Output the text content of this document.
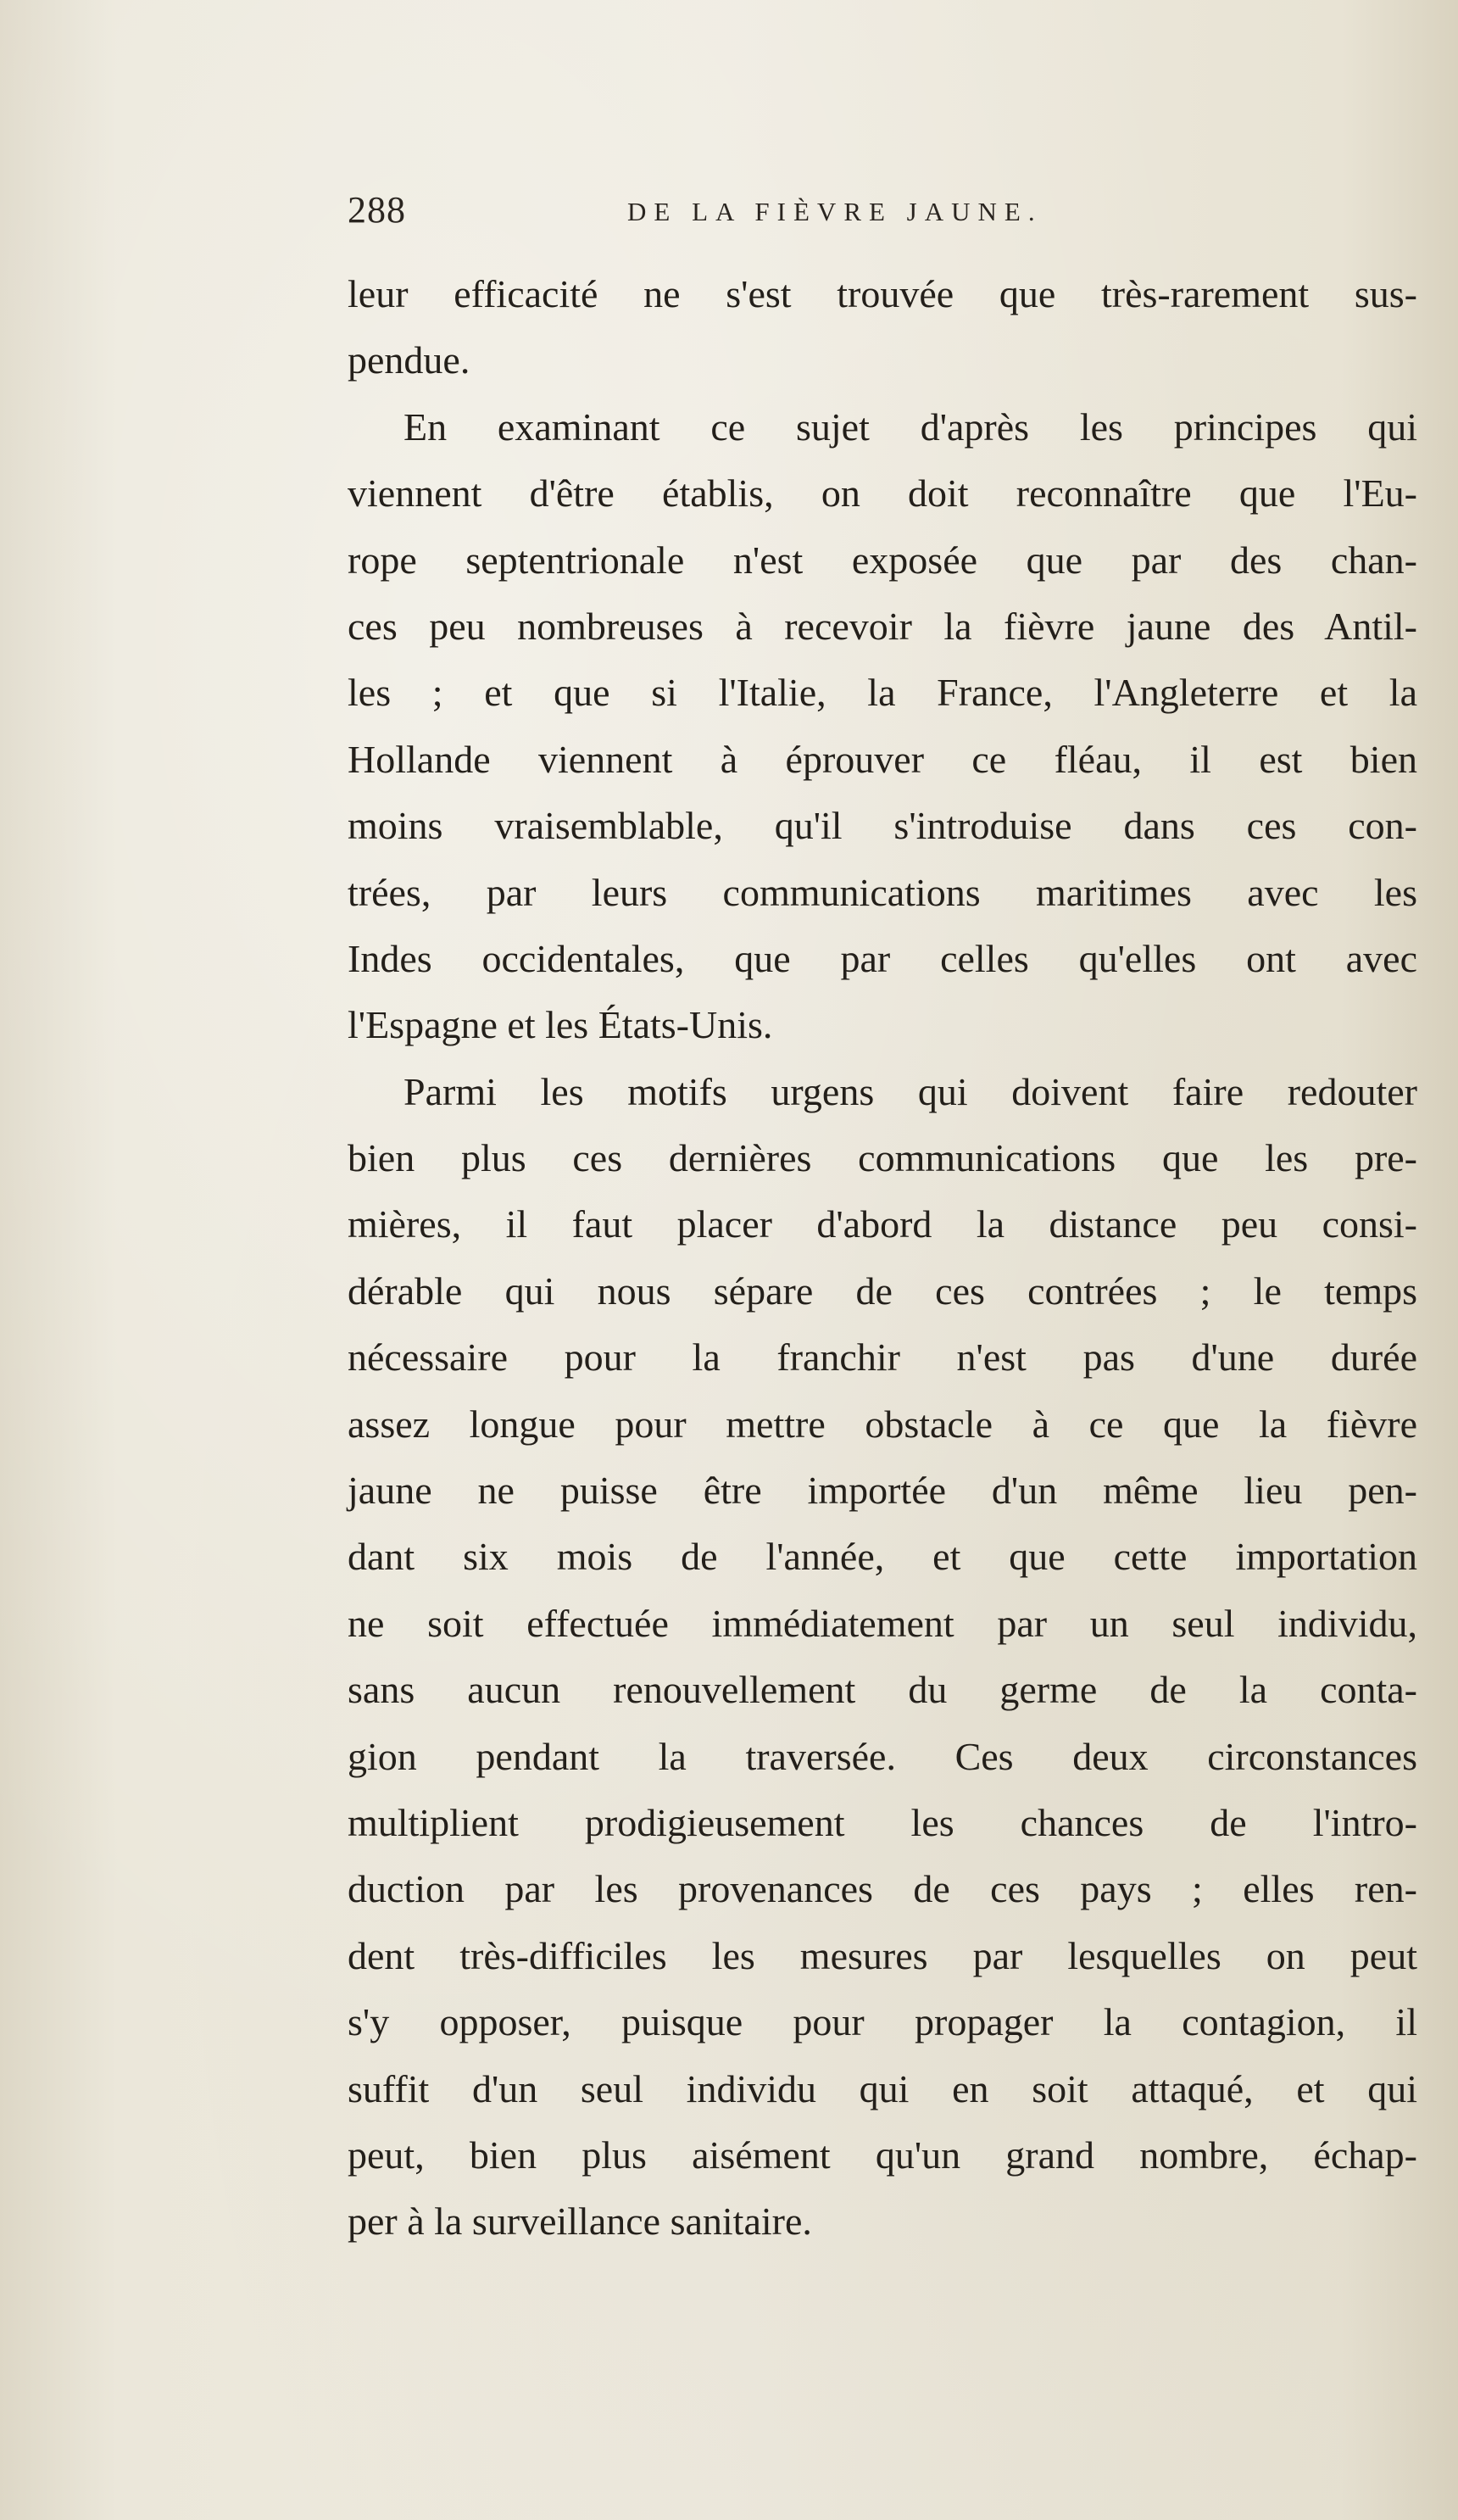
288	DE LA FIÈVRE JAUNE.
leur efficacité ne s'est trouvée que très-rarement sus-
pendue.
En examinant ce sujet d'après les principes qui
viennent d'être établis, on doit reconnaître que l'Eu-
rope septentrionale n'est exposée que par des chan-
ces peu nombreuses à recevoir la fièvre jaune des Antil-
les ; et que si l'Italie, la France, l'Angleterre et la
Hollande viennent à éprouver ce fléau, il est bien
moins vraisemblable, qu'il s'introduise dans ces con-
trées, par leurs communications maritimes avec les
Indes occidentales, que par celles qu'elles ont avec
l'Espagne et les États-Unis.
Parmi les motifs urgens qui doivent faire redouter
bien plus ces dernières communications que les pre-
mières, il faut placer d'abord la distance peu consi-
dérable qui nous sépare de ces contrées ; le temps
nécessaire pour la franchir n'est pas d'une durée
assez longue pour mettre obstacle à ce que la fièvre
jaune ne puisse être importée d'un même lieu pen-
dant six mois de l'année, et que cette importation
ne soit effectuée immédiatement par un seul individu,
sans aucun renouvellement du germe de la conta-
gion pendant la traversée. Ces deux circonstances
multiplient prodigieusement les chances de l'intro-
duction par les provenances de ces pays ; elles ren-
dent très-difficiles les mesures par lesquelles on peut
s'y opposer, puisque pour propager la contagion, il
suffit d'un seul individu qui en soit attaqué, et qui
peut, bien plus aisément qu'un grand nombre, échap-
per à la surveillance sanitaire.
